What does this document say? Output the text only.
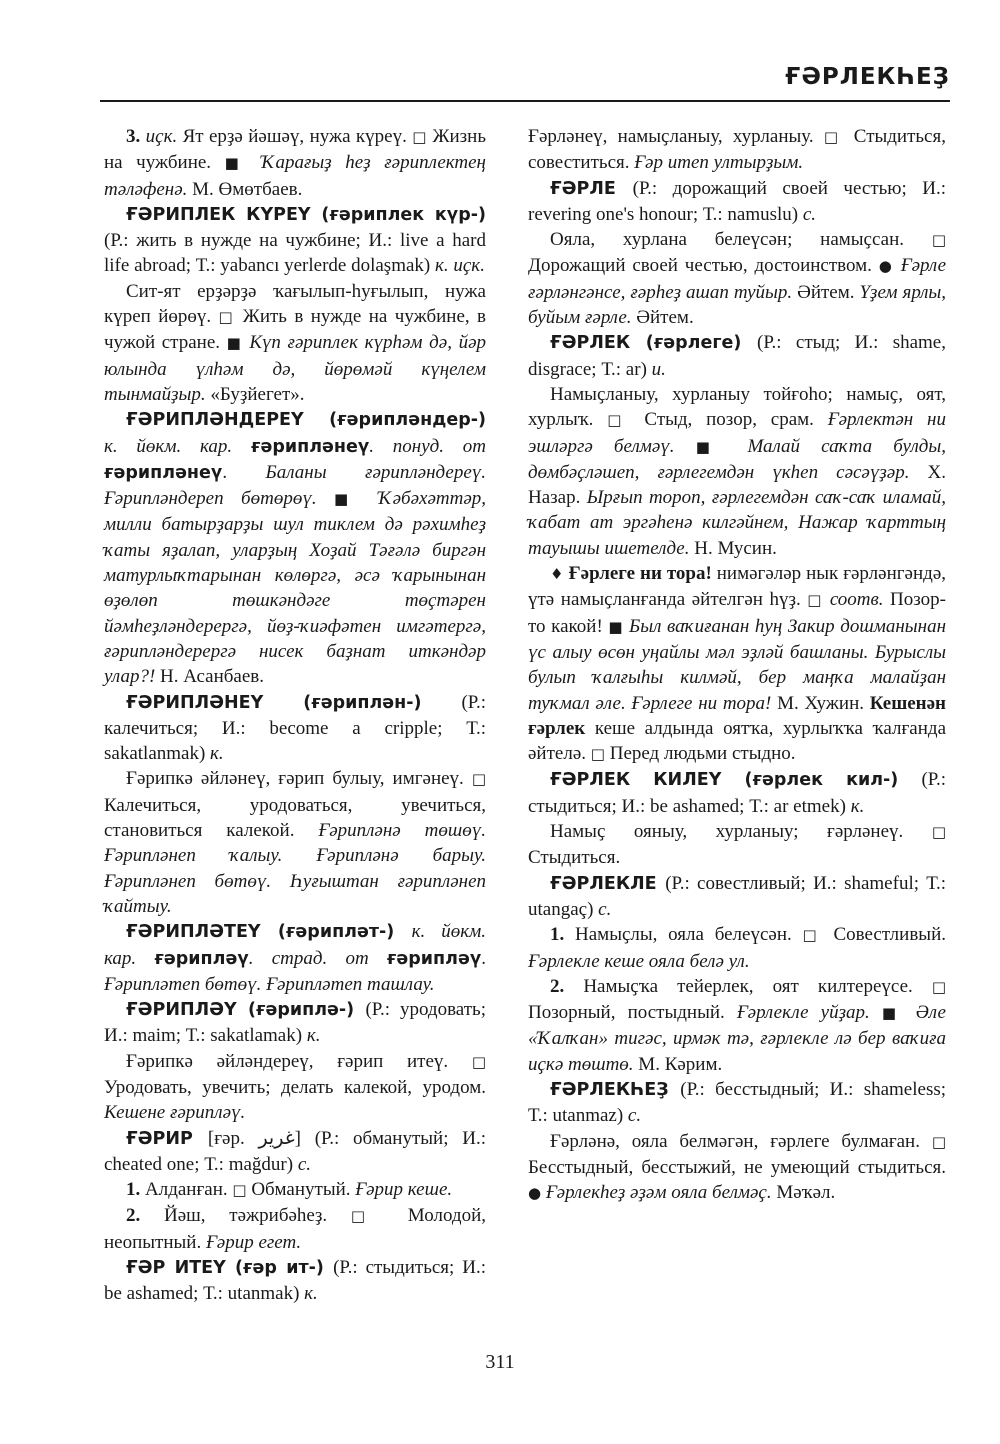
ҒӘРЛЕКҺЕҘ

3. иҫк. Ят ерҙә йәшәү, нужа күреү. □ Жизнь на чужбине. ■ Ҡарағыҙ һеҙ ғәриплектең тәләфенә. М. Өмөтбаев.

ҒӘРИПЛЕК КҮРЕҮ (ғәриплек күр-) (Р.: жить в нужде на чужбине; И.: live a hard life abroad; Т.: yabancı yerlerde dolaşmak) к. иҫк.

Сит-ят ерҙәрҙә ҡағылып-һуғылып, нужа күреп йөрөү. □ Жить в нужде на чужбине, в чужой стране. ■ Күп ғәриплек күрһәм дә, йәр юлында үлһәм дә, йөрөмәй күңелем тынмайҙыр. «Буҙйегет».

ҒӘРИПЛӘНДЕРЕҮ (ғәрипләндер-) к. йөкм. кар. ғәрипләнеү. понуд. от ғәрипләнеү. Баланы ғәрипләндереү. Ғәрипләндереп бөтөрөү. ■ Ҡәбәхәттәр, милли батырҙарҙы шул тиклем дә рәхимһеҙ ҡаты яҙалап, уларҙың Хоҙай Тәғәлә биргән матурлыҡтарынан көлөргә, әсә ҡарынынан өҙөлөп төшкәндәге төҫтәрен йәмһеҙләндерергә, йөҙ-ҡиәфәтен имгәтергә, ғәрипләндерергә нисек баҙнат иткәндәр улар?! Н. Асанбаев.

ҒӘРИПЛӘНЕҮ (ғәриплән-) (Р.: калечиться; И.: become a cripple; Т.: sakatlanmak) к.

Ғәрипкә әйләнеү, ғәрип булыу, имгәнеү. □ Калечиться, уродоваться, увечиться, становиться калекой. Ғәрипләнә төшөү. Ғәрипләнеп ҡалыу. Ғәрипләнә барыу. Ғәрипләнеп бөтөү. Һуғыштан ғәрипләнеп ҡайтыу.

ҒӘРИПЛӘТЕҮ (ғәрипләт-) к. йөкм. кар. ғәрипләү. страд. от ғәрипләү. Ғәрипләтеп бөтөү. Ғәрипләтеп ташлау.

ҒӘРИПЛӘҮ (ғәриплә-) (Р.: уродовать; И.: maim; Т.: sakatlamak) к.

Ғәрипкә әйләндереү, ғәрип итеү. □ Уродовать, увечить; делать калекой, уродом. Кешене ғәрипләү.

ҒӘРИР [ғәр. غریر] (Р.: обманутый; И.: cheated one; Т.: mağdur) с.

1. Алданған. □ Обманутый. Ғәрир кеше.

2. Йәш, тәжрибәһеҙ. □ Молодой, неопытный. Ғәрир егет.

ҒӘР ИТЕҮ (ғәр ит-) (Р.: стыдиться; И.: be ashamed; Т.: utanmak) к.

Ғәрләнеү, намыҫланыу, хурланыу. □ Стыдиться, совеститься. Ғәр итеп ултырҙым.

ҒӘРЛЕ (Р.: дорожащий своей честью; И.: revering one's honour; Т.: namuslu) с.

Ояла, хурлана белеүсән; намыҫсан. □ Дорожащий своей честью, достоинством. ● Ғәрле ғәрләнгәнсе, ғәрһеҙ ашап туйыр. Әйтем. Үҙем ярлы, буйым ғәрле. Әйтем.

ҒӘРЛЕК (ғәрлеге) (Р.: стыд; И.: shame, disgrace; Т.: ar) и.

Намыҫланыу, хурланыу тойғоһо; намыҫ, оят, хурлыҡ. □ Стыд, позор, срам. Ғәрлектән ни эшләргә белмәү. ■ Малай саҡта булды, дөмбәҫләшеп, ғәрлегемдән үкһеп сәсәүҙәр. Х. Назар. Ырғып тороп, ғәрлегемдән саҡ-саҡ иламай, ҡабат ат эргәһенә килгәйнем, Нажар ҡарттың тауышы ишетелде. Н. Мусин.

♦ Ғәрлеге ни тора! нимәгәләр нык ғәрләнгәндә, үтә намыҫланғанда әйтелгән һүҙ. □ соотв. Позор-то какой! ■ Был ваҡиғанан һуң Закир дошманынан үс алыу өсөн уңайлы мәл эҙләй башланы. Бурыслы булып ҡалғыһы килмәй, бер маңҡа малайҙан туҡмал әле. Ғәрлеге ни тора! М. Хужин. Кешенән ғәрлек кеше алдында оятҡа, хурлыҡҡа ҡалғанда әйтелә. □ Перед людьми стыдно.

ҒӘРЛЕК КИЛЕҮ (ғәрлек кил-) (Р.: стыдиться; И.: be ashamed; Т.: ar etmek) к.

Намыҫ ояныу, хурланыу; ғәрләнеү. □ Стыдиться.

ҒӘРЛЕКЛЕ (Р.: совестливый; И.: shameful; Т.: utangaç) с.

1. Намыҫлы, ояла белеүсән. □ Совестливый. Ғәрлекле кеше ояла белә ул.

2. Намыҫҡа тейерлек, оят килтереүсе. □ Позорный, постыдный. Ғәрлекле уйҙар. ■ Әле «Ҡалҡан» тигәс, ирмәк тә, ғәрлекле лә бер ваҡиға иҫкә төштө. М. Кәрим.

ҒӘРЛЕКҺЕҘ (Р.: бесстыдный; И.: shameless; Т.: utanmaz) с.

Ғәрләнә, ояла белмәгән, ғәрлеге булмаған. □ Бесстыдный, бесстыжий, не умеющий стыдиться. ● Ғәрлекһеҙ әҙәм ояла белмәҫ. Мәҡәл.

311
